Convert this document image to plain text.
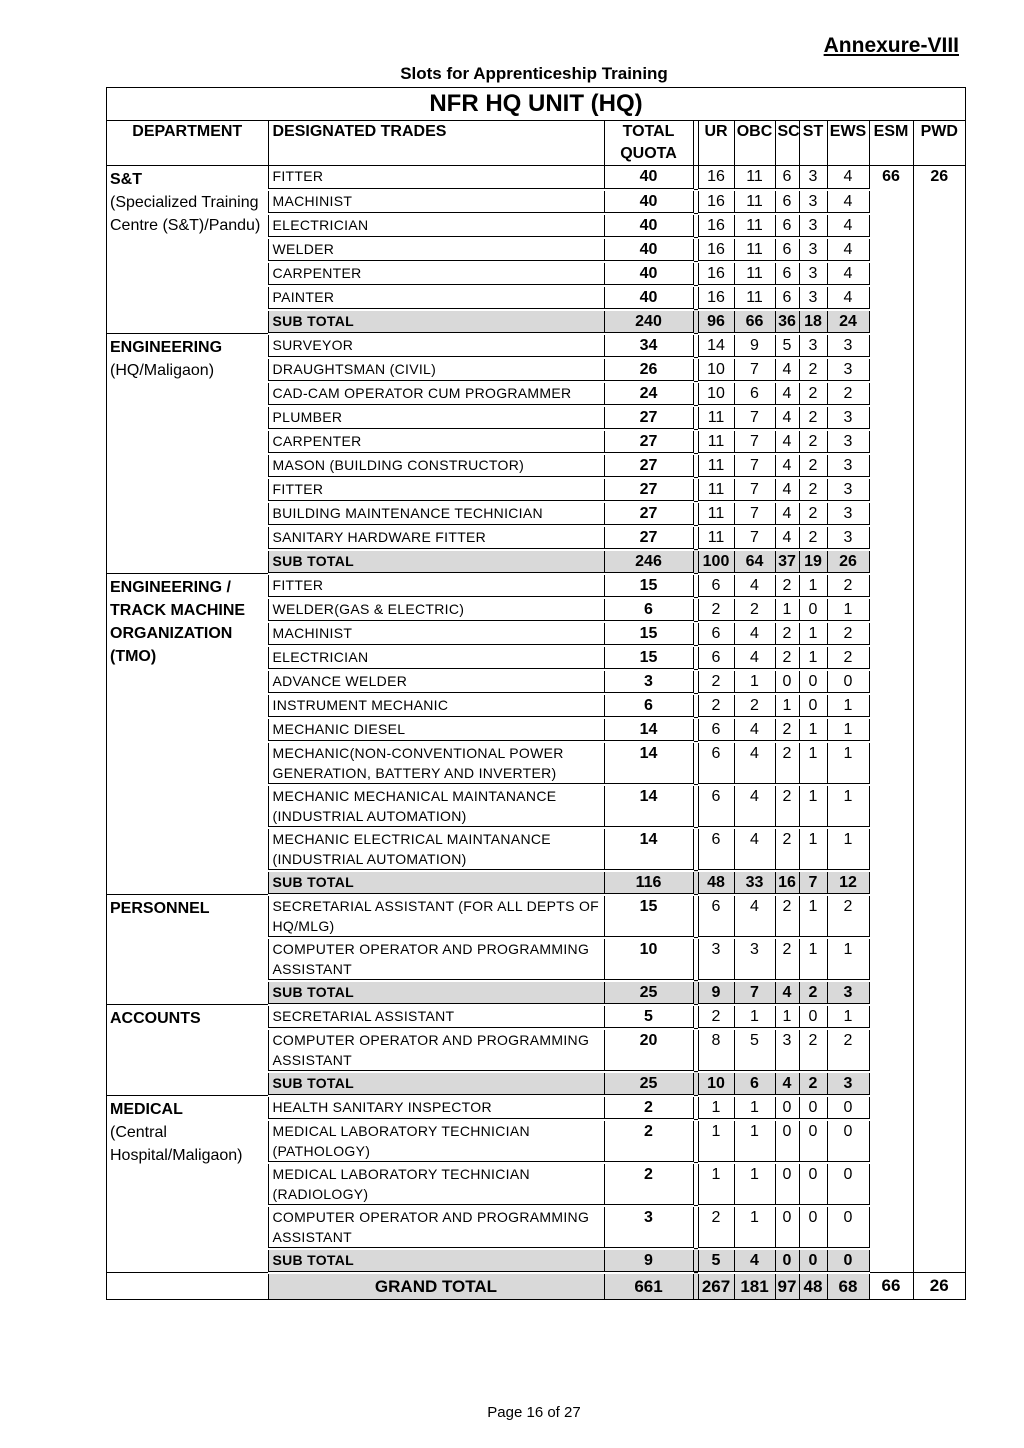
Annexure-VIII
Slots for Apprenticeship Training
NFR HQ UNIT (HQ)
DEPARTMENT	DESIGNATED TRADES	TOTAL QUOTA		UR	OBC	SC	ST	EWS	ESM	PWD

S&T
(Specialized Training Centre (S&T)/Pandu)	FITTER	40		16	11	6	3	4	66	26
	MACHINIST	40		16	11	6	3	4		
	ELECTRICIAN	40		16	11	6	3	4		
	WELDER	40		16	11	6	3	4		
	CARPENTER	40		16	11	6	3	4		
	PAINTER	40		16	11	6	3	4		
	SUB TOTAL	240		96	66	36	18	24		

ENGINEERING
(HQ/Maligaon)	SURVEYOR	34		14	9	5	3	3		
	DRAUGHTSMAN (CIVIL)	26		10	7	4	2	3		
	CAD-CAM OPERATOR CUM PROGRAMMER	24		10	6	4	2	2		
	PLUMBER	27		11	7	4	2	3		
	CARPENTER	27		11	7	4	2	3		
	MASON (BUILDING CONSTRUCTOR)	27		11	7	4	2	3		
	FITTER	27		11	7	4	2	3		
	BUILDING MAINTENANCE TECHNICIAN	27		11	7	4	2	3		
	SANITARY HARDWARE FITTER	27		11	7	4	2	3		
	SUB TOTAL	246		100	64	37	19	26		

ENGINEERING / TRACK MACHINE ORGANIZATION (TMO)	FITTER	15		6	4	2	1	2		
	WELDER(GAS & ELECTRIC)	6		2	2	1	0	1		
	MACHINIST	15		6	4	2	1	2		
	ELECTRICIAN	15		6	4	2	1	2		
	ADVANCE WELDER	3		2	1	0	0	0		
	INSTRUMENT MECHANIC	6		2	2	1	0	1		
	MECHANIC DIESEL	14		6	4	2	1	1		
	MECHANIC(NON-CONVENTIONAL POWER GENERATION, BATTERY AND INVERTER)	14		6	4	2	1	1		
	MECHANIC MECHANICAL MAINTANANCE (INDUSTRIAL AUTOMATION)	14		6	4	2	1	1		
	MECHANIC ELECTRICAL MAINTANANCE (INDUSTRIAL AUTOMATION)	14		6	4	2	1	1		
	SUB TOTAL	116		48	33	16	7	12		

PERSONNEL	SECRETARIAL ASSISTANT (FOR ALL DEPTS OF HQ/MLG)	15		6	4	2	1	2		
	COMPUTER OPERATOR AND PROGRAMMING ASSISTANT	10		3	3	2	1	1		
	SUB TOTAL	25		9	7	4	2	3		

ACCOUNTS	SECRETARIAL ASSISTANT	5		2	1	1	0	1		
	COMPUTER OPERATOR AND PROGRAMMING ASSISTANT	20		8	5	3	2	2		
	SUB TOTAL	25		10	6	4	2	3		

MEDICAL
(Central Hospital/Maligaon)	HEALTH SANITARY INSPECTOR	2		1	1	0	0	0		
	MEDICAL LABORATORY TECHNICIAN (PATHOLOGY)	2		1	1	0	0	0		
	MEDICAL LABORATORY TECHNICIAN (RADIOLOGY)	2		1	1	0	0	0		
	COMPUTER OPERATOR AND PROGRAMMING ASSISTANT	3		2	1	0	0	0		
	SUB TOTAL	9		5	4	0	0	0		
	GRAND TOTAL	661		267	181	97	48	68	66	26
Page 16 of 27
